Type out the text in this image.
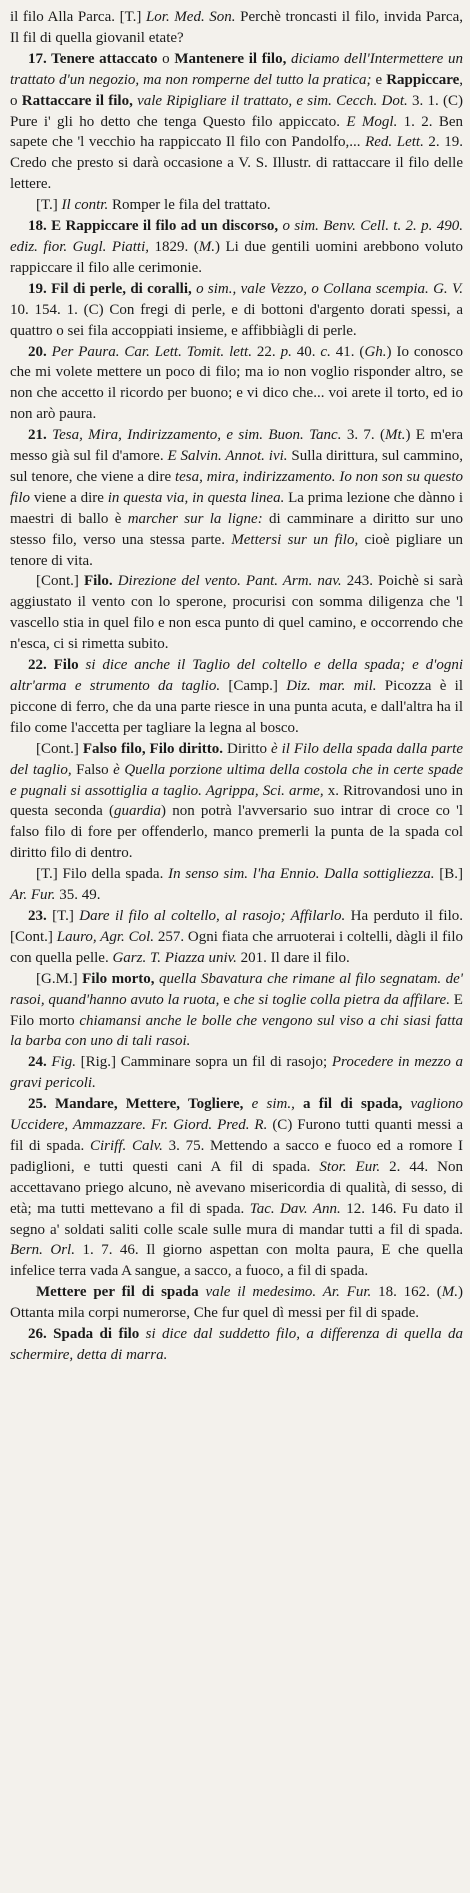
il filo Alla Parca. [T.] Lor. Med. Son. Perchè troncasti il filo, invida Parca, Il fil di quella giovanil etate?

17. Tenere attaccato o Mantenere il filo, diciamo dell'Intermettere un trattato d'un negozio, ma non romperne del tutto la pratica; e Rappiccare, o Rattaccare il filo, vale Ripigliare il trattato, e sim. Cecch. Dot. 3. 1. (C) Pure i' gli ho detto che tenga Questo filo appiccato. E Mogl. 1. 2. Ben sapete che 'l vecchio ha rappiccato Il filo con Pandolfo,... Red. Lett. 2. 19. Credo che presto si darà occasione a V. S. Illustr. di rattaccare il filo delle lettere.

[T.] Il contr. Romper le fila del trattato.

18. E Rappiccare il filo ad un discorso, o sim. Benv. Cell. t. 2. p. 490. ediz. fior. Gugl. Piatti, 1829. (M.) Li due gentili uomini arebbono voluto rappiccare il filo alle cerimonie.

19. Fil di perle, di coralli, o sim., vale Vezzo, o Collana scempia. G. V. 10. 154. 1. (C) Con fregi di perle, e di bottoni d'argento dorati spessi, a quattro o sei fila accoppiati insieme, e affibbiàgli di perle.

20. Per Paura. Car. Lett. Tomit. lett. 22. p. 40. c. 41. (Gh.) Io conosco che mi volete mettere un poco di filo; ma io non voglio risponder altro, se non che accetto il ricordo per buono; e vi dico che... voi arete il torto, ed io non arò paura.

21. Tesa, Mira, Indirizzamento, e sim. Buon. Tanc. 3. 7. (Mt.) E m'era messo già sul fil d'amore. E Salvin. Annot. ivi. Sulla dirittura, sul cammino, sul tenore, che viene a dire tesa, mira, indirizzamento. Io non son su questo filo viene a dire in questa via, in questa linea. La prima lezione che dànno i maestri di ballo è marcher sur la ligne: di camminare a diritto sur uno stesso filo, verso una stessa parte. Mettersi sur un filo, cioè pigliare un tenore di vita.

[Cont.] Filo. Direzione del vento. Pant. Arm. nav. 243. Poichè si sarà aggiustato il vento con lo sperone, procurisi con somma diligenza che 'l vascello stia in quel filo e non esca punto di quel camino, e occorrendo che n'esca, ci si rimetta subito.

22. Filo si dice anche il Taglio del coltello e della spada; e d'ogni altr'arma e strumento da taglio. [Camp.] Diz. mar. mil. Picozza è il piccone di ferro, che da una parte riesce in una punta acuta, e dall'altra ha il filo come l'accetta per tagliare la legna al bosco.

[Cont.] Falso filo, Filo diritto. Diritto è il Filo della spada dalla parte del taglio, Falso è Quella porzione ultima della costola che in certe spade e pugnali si assottiglia a taglio. Agrippa, Sci. arme, x. Ritrovandosi uno in questa seconda (guardia) non potrà l'avversario suo intrar di croce co 'l falso filo di fore per offenderlo, manco premerli la punta de la spada col diritto filo di dentro.

[T.] Filo della spada. In senso sim. l'ha Ennio. Dalla sottigliezza. [B.] Ar. Fur. 35. 49.

23. [T.] Dare il filo al coltello, al rasojo; Affilarlo. Ha perduto il filo. [Cont.] Lauro, Agr. Col. 257. Ogni fiata che arruoterai i coltelli, dàgli il filo con quella pelle. Garz. T. Piazza univ. 201. Il dare il filo.

[G.M.] Filo morto, quella Sbavatura che rimane al filo segnatam. de' rasoi, quand'hanno avuto la ruota, e che si toglie colla pietra da affilare. E Filo morto chiamansi anche le bolle che vengono sul viso a chi siasi fatta la barba con uno di tali rasoi.

24. Fig. [Rig.] Camminare sopra un fil di rasojo; Procedere in mezzo a gravi pericoli.

25. Mandare, Mettere, Togliere, e sim., a fil di spada, vagliono Uccidere, Ammazzare. Fr. Giord. Pred. R. (C) Furono tutti quanti messi a fil di spada. Ciriff. Calv. 3. 75. Mettendo a sacco e fuoco ed a romore I padiglioni, e tutti questi cani A fil di spada. Stor. Eur. 2. 44. Non accettavano priego alcuno, nè avevano misericordia di qualità, di sesso, di età; ma tutti mettevano a fil di spada. Tac. Dav. Ann. 12. 146. Fu dato il segno a' soldati saliti colle scale sulle mura di mandar tutti a fil di spada. Bern. Orl. 1. 7. 46. Il giorno aspettan con molta paura, E che quella infelice terra vada A sangue, a sacco, a fuoco, a fil di spada.

Mettere per fil di spada vale il medesimo. Ar. Fur. 18. 162. (M.) Ottanta mila corpi numerorse, Che fur quel dì messi per fil di spade.

26. Spada di filo si dice dal suddetto filo, a differenza di quella da schermire, detta di marra.
